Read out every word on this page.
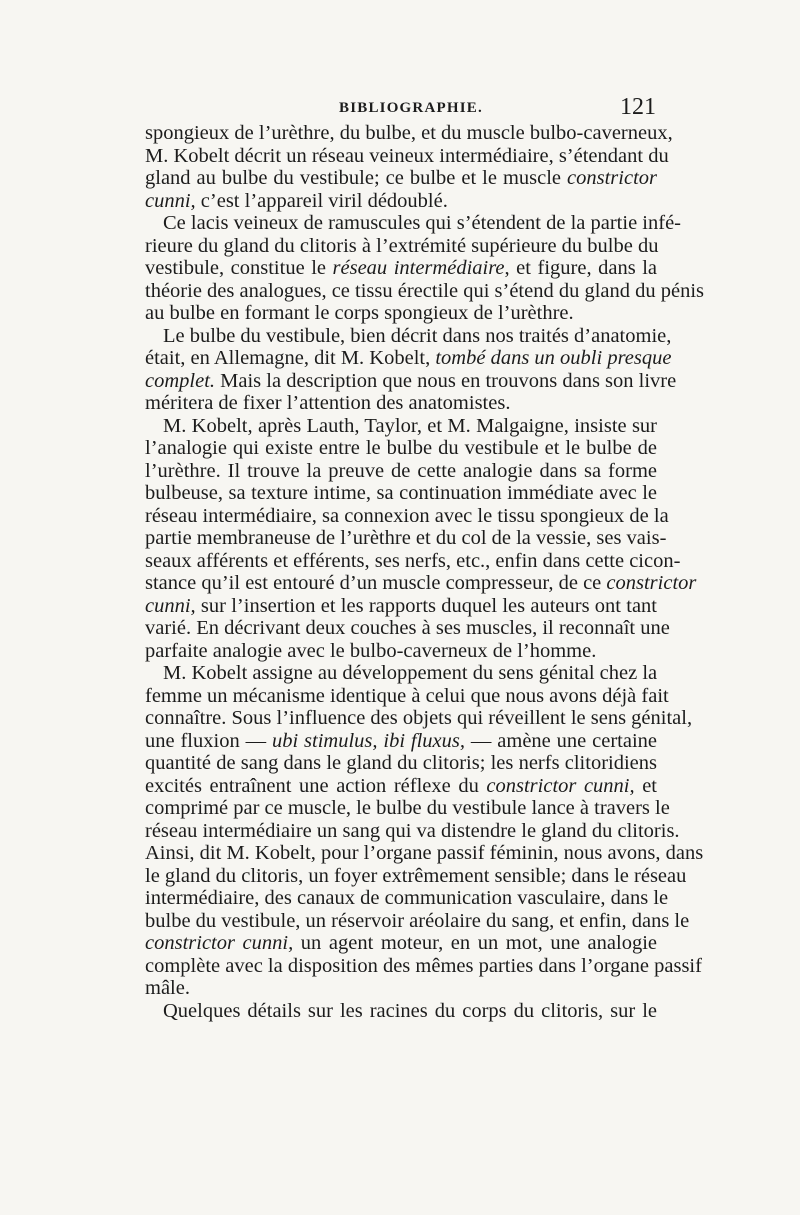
BIBLIOGRAPHIE.	121
spongieux de l’urèthre, du bulbe, et du muscle bulbo-caverneux,
M. Kobelt décrit un réseau veineux intermédiaire, s’étendant du
gland au bulbe du vestibule; ce bulbe et le muscle constrictor
cunni, c’est l’appareil viril dédoublé.
Ce lacis veineux de ramuscules qui s’étendent de la partie infé-
rieure du gland du clitoris à l’extrémité supérieure du bulbe du
vestibule, constitue le réseau intermédiaire, et figure, dans la
théorie des analogues, ce tissu érectile qui s’étend du gland du pénis
au bulbe en formant le corps spongieux de l’urèthre.
Le bulbe du vestibule, bien décrit dans nos traités d’anatomie,
était, en Allemagne, dit M. Kobelt, tombé dans un oubli presque
complet. Mais la description que nous en trouvons dans son livre
méritera de fixer l’attention des anatomistes.
M. Kobelt, après Lauth, Taylor, et M. Malgaigne, insiste sur
l’analogie qui existe entre le bulbe du vestibule et le bulbe de
l’urèthre. Il trouve la preuve de cette analogie dans sa forme
bulbeuse, sa texture intime, sa continuation immédiate avec le
réseau intermédiaire, sa connexion avec le tissu spongieux de la
partie membraneuse de l’urèthre et du col de la vessie, ses vais-
seaux afférents et efférents, ses nerfs, etc., enfin dans cette cicon-
stance qu’il est entouré d’un muscle compresseur, de ce constrictor
cunni, sur l’insertion et les rapports duquel les auteurs ont tant
varié. En décrivant deux couches à ses muscles, il reconnaît une
parfaite analogie avec le bulbo-caverneux de l’homme.
M. Kobelt assigne au développement du sens génital chez la
femme un mécanisme identique à celui que nous avons déjà fait
connaître. Sous l’influence des objets qui réveillent le sens génital,
une fluxion — ubi stimulus, ibi fluxus, — amène une certaine
quantité de sang dans le gland du clitoris; les nerfs clitoridiens
excités entraînent une action réflexe du constrictor cunni, et
comprimé par ce muscle, le bulbe du vestibule lance à travers le
réseau intermédiaire un sang qui va distendre le gland du clitoris.
Ainsi, dit M. Kobelt, pour l’organe passif féminin, nous avons, dans
le gland du clitoris, un foyer extrêmement sensible; dans le réseau
intermédiaire, des canaux de communication vasculaire, dans le
bulbe du vestibule, un réservoir aréolaire du sang, et enfin, dans le
constrictor cunni, un agent moteur, en un mot, une analogie
complète avec la disposition des mêmes parties dans l’organe passif
mâle.
Quelques détails sur les racines du corps du clitoris, sur le
